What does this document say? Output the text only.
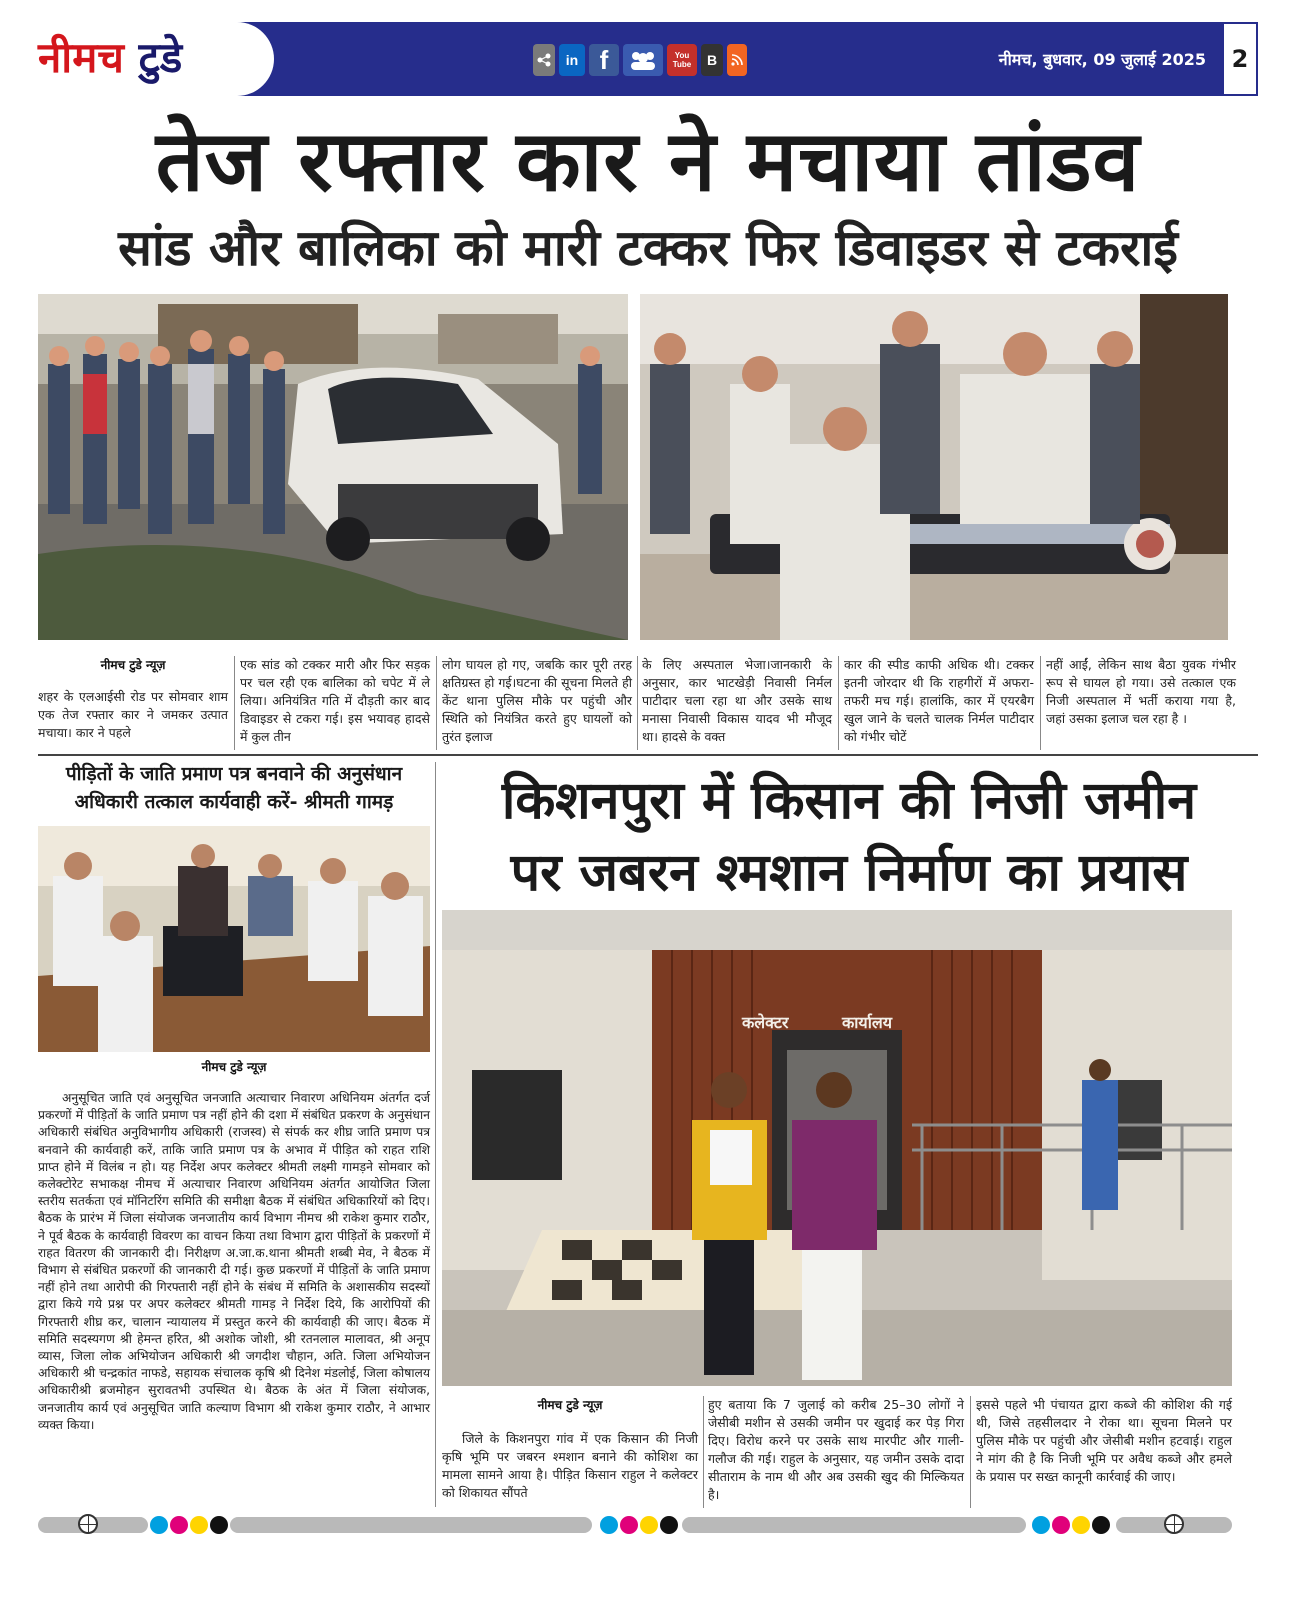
नीमच टुडे	in f	You Tube	B	नीमच, बुधवार, 09 जुलाई 2025	2
तेज रफ्तार कार ने मचाया तांडव
सांड और बालिका को मारी टक्कर फिर डिवाइडर से टकराई
नीमच टुडे न्यूज़
शहर के एलआईसी रोड पर सोमवार शाम एक तेज रफ्तार कार ने जमकर उत्पात मचाया। कार ने पहले
एक सांड को टक्कर मारी और फिर सड़क पर चल रही एक बालिका को चपेट में ले लिया। अनियंत्रित गति में दौड़ती कार बाद डिवाइडर से टकरा गई। इस भयावह हादसे में कुल तीन
लोग घायल हो गए, जबकि कार पूरी तरह क्षतिग्रस्त हो गई।घटना की सूचना मिलते ही केंट थाना पुलिस मौके पर पहुंची और स्थिति को नियंत्रित करते हुए घायलों को तुरंत इलाज
के लिए अस्पताल भेजा।जानकारी के अनुसार, कार भाटखेड़ी निवासी निर्मल पाटीदार चला रहा था और उसके साथ मनासा निवासी विकास यादव भी मौजूद था। हादसे के वक्त
कार की स्पीड काफी अधिक थी। टक्कर इतनी जोरदार थी कि राहगीरों में अफरा-तफरी मच गई। हालांकि, कार में एयरबैग खुल जाने के चलते चालक निर्मल पाटीदार को गंभीर चोटें
नहीं आईं, लेकिन साथ बैठा युवक गंभीर रूप से घायल हो गया। उसे तत्काल एक निजी अस्पताल में भर्ती कराया गया है, जहां उसका इलाज चल रहा है ।
पीड़ितों के जाति प्रमाण पत्र बनवाने की अनुसंधान अधिकारी तत्काल कार्यवाही करें- श्रीमती गामड़
नीमच टुडे न्यूज़
अनुसूचित जाति एवं अनुसूचित जनजाति अत्याचार निवारण अधिनियम अंतर्गत दर्ज प्रकरणों में पीड़ितों के जाति प्रमाण पत्र नहीं होने की दशा में संबंधित प्रकरण के अनुसंधान अधिकारी संबंधित अनुविभागीय अधिकारी (राजस्व) से संपर्क कर शीघ्र जाति प्रमाण पत्र बनवाने की कार्यवाही करें, ताकि जाति प्रमाण पत्र के अभाव में पीड़ित को राहत राशि प्राप्त होने में विलंब न हो। यह निर्देश अपर कलेक्टर श्रीमती लक्ष्मी गामड़ने सोमवार को कलेक्टोरेट सभाकक्ष नीमच में अत्याचार निवारण अधिनियम अंतर्गत आयोजित जिला स्तरीय सतर्कता एवं मॉनिटरिंग समिति की समीक्षा बैठक में संबंधित अधिकारियों को दिए। बैठक के प्रारंभ में जिला संयोजक जनजातीय कार्य विभाग नीमच श्री राकेश कुमार राठौर, ने पूर्व बैठक के कार्यवाही विवरण का वाचन किया तथा विभाग द्वारा पीड़ितों के प्रकरणों में राहत वितरण की जानकारी दी। निरीक्षण अ.जा.क.थाना श्रीमती शब्बी मेव, ने बैठक में विभाग से संबंधित प्रकरणों की जानकारी दी गई। कुछ प्रकरणों में पीड़ितों के जाति प्रमाण नहीं होने तथा आरोपी की गिरफ्तारी नहीं होने के संबंध में समिति के अशासकीय सदस्यों द्वारा किये गये प्रश्न पर अपर कलेक्टर श्रीमती गामड़ ने निर्देश दिये, कि आरोपियों की गिरफ्तारी शीघ्र कर, चालान न्यायालय में प्रस्तुत करने की कार्यवाही की जाए। बैठक में समिति सदस्यगण श्री हेमन्त हरित, श्री अशोक जोशी, श्री रतनलाल मालावत, श्री अनूप व्यास, जिला लोक अभियोजन अधिकारी श्री जगदीश चौहान, अति. जिला अभियोजन अधिकारी श्री चन्द्रकांत नाफडे, सहायक संचालक कृषि श्री दिनेश मंडलोई, जिला कोषालय अधिकारीश्री ब्रजमोहन सुरावतभी उपस्थित थे। बैठक के अंत में जिला संयोजक, जनजातीय कार्य एवं अनुसूचित जाति कल्याण विभाग श्री राकेश कुमार राठौर, ने आभार व्यक्त किया।
किशनपुरा में किसान की निजी जमीन
पर जबरन श्मशान निर्माण का प्रयास
कलेक्टर	कार्यालय
नीमच टुडे न्यूज़
जिले के किशनपुरा गांव में एक किसान की निजी कृषि भूमि पर जबरन श्मशान बनाने की कोशिश का मामला सामने आया है। पीड़ित किसान राहुल ने कलेक्टर को शिकायत सौंपते
हुए बताया कि 7 जुलाई को करीब 25–30 लोगों ने जेसीबी मशीन से उसकी जमीन पर खुदाई कर पेड़ गिरा दिए। विरोध करने पर उसके साथ मारपीट और गाली-गलौज की गई। राहुल के अनुसार, यह जमीन उसके दादा सीताराम के नाम थी और अब उसकी खुद की मिल्कियत है।
इससे पहले भी पंचायत द्वारा कब्जे की कोशिश की गई थी, जिसे तहसीलदार ने रोका था। सूचना मिलने पर पुलिस मौके पर पहुंची और जेसीबी मशीन हटवाई। राहुल ने मांग की है कि निजी भूमि पर अवैध कब्जे और हमले के प्रयास पर सख्त कानूनी कार्रवाई की जाए।
